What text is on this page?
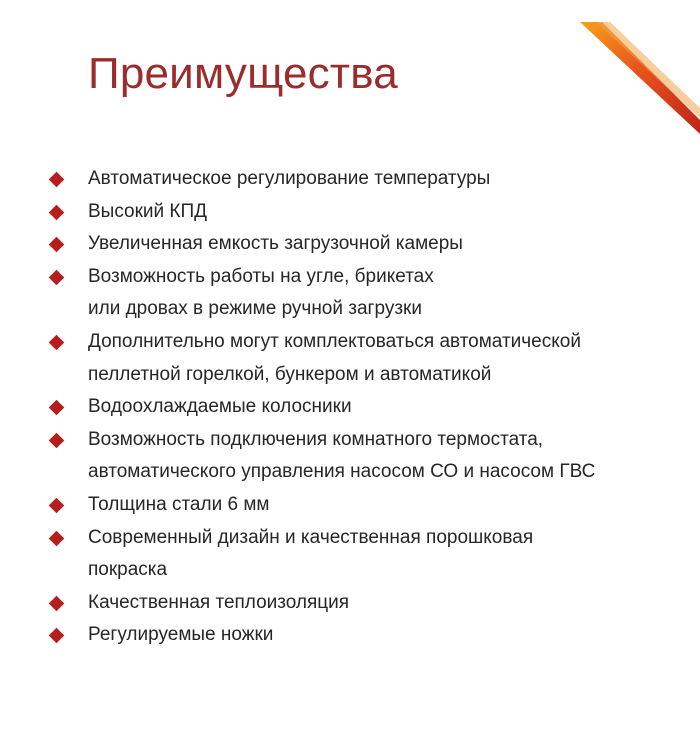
Преимущества
Автоматическое регулирование температуры
Высокий КПД
Увеличенная емкость загрузочной камеры
Возможность работы на угле, брикетах
или дровах в режиме ручной загрузки
Дополнительно могут комплектоваться автоматической
пеллетной горелкой, бункером и автоматикой
Водоохлаждаемые колосники
Возможность подключения комнатного термостата,
автоматического управления насосом СО и насосом ГВС
Толщина стали 6 мм
Современный дизайн и качественная порошковая
покраска
Качественная теплоизоляция
Регулируемые ножки
